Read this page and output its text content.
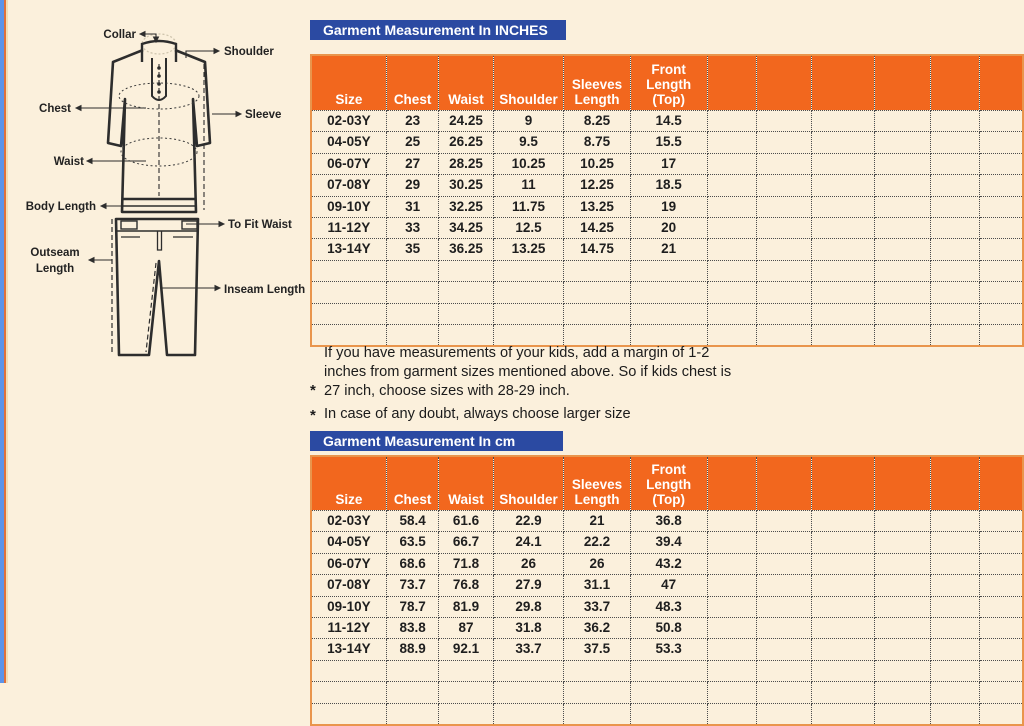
Collar
Shoulder
Chest	Sleeve
Waist
Body Length
To Fit Waist
Outseam
Length
Inseam Length
Garment Measurement In INCHES
Size	Chest	Waist	Shoulder	Sleeves Length	Front Length (Top)						
02-03Y	23	24.25	9	8.25	14.5						
04-05Y	25	26.25	9.5	8.75	15.5						
06-07Y	27	28.25	10.25	10.25	17						
07-08Y	29	30.25	11	12.25	18.5						
09-10Y	31	32.25	11.75	13.25	19						
11-12Y	33	34.25	12.5	14.25	20						
13-14Y	35	36.25	13.25	14.75	21						

*
If you have measurements of your kids, add a margin of 1-2 inches from garment sizes mentioned above. So if kids chest is 27 inch, choose sizes with 28-29 inch.
* In case of any doubt, always choose larger size
Garment Measurement In cm
Size	Chest	Waist	Shoulder	Sleeves Length	Front Length (Top)						
02-03Y	58.4	61.6	22.9	21	36.8						
04-05Y	63.5	66.7	24.1	22.2	39.4						
06-07Y	68.6	71.8	26	26	43.2						
07-08Y	73.7	76.8	27.9	31.1	47						
09-10Y	78.7	81.9	29.8	33.7	48.3						
11-12Y	83.8	87	31.8	36.2	50.8						
13-14Y	88.9	92.1	33.7	37.5	53.3						
